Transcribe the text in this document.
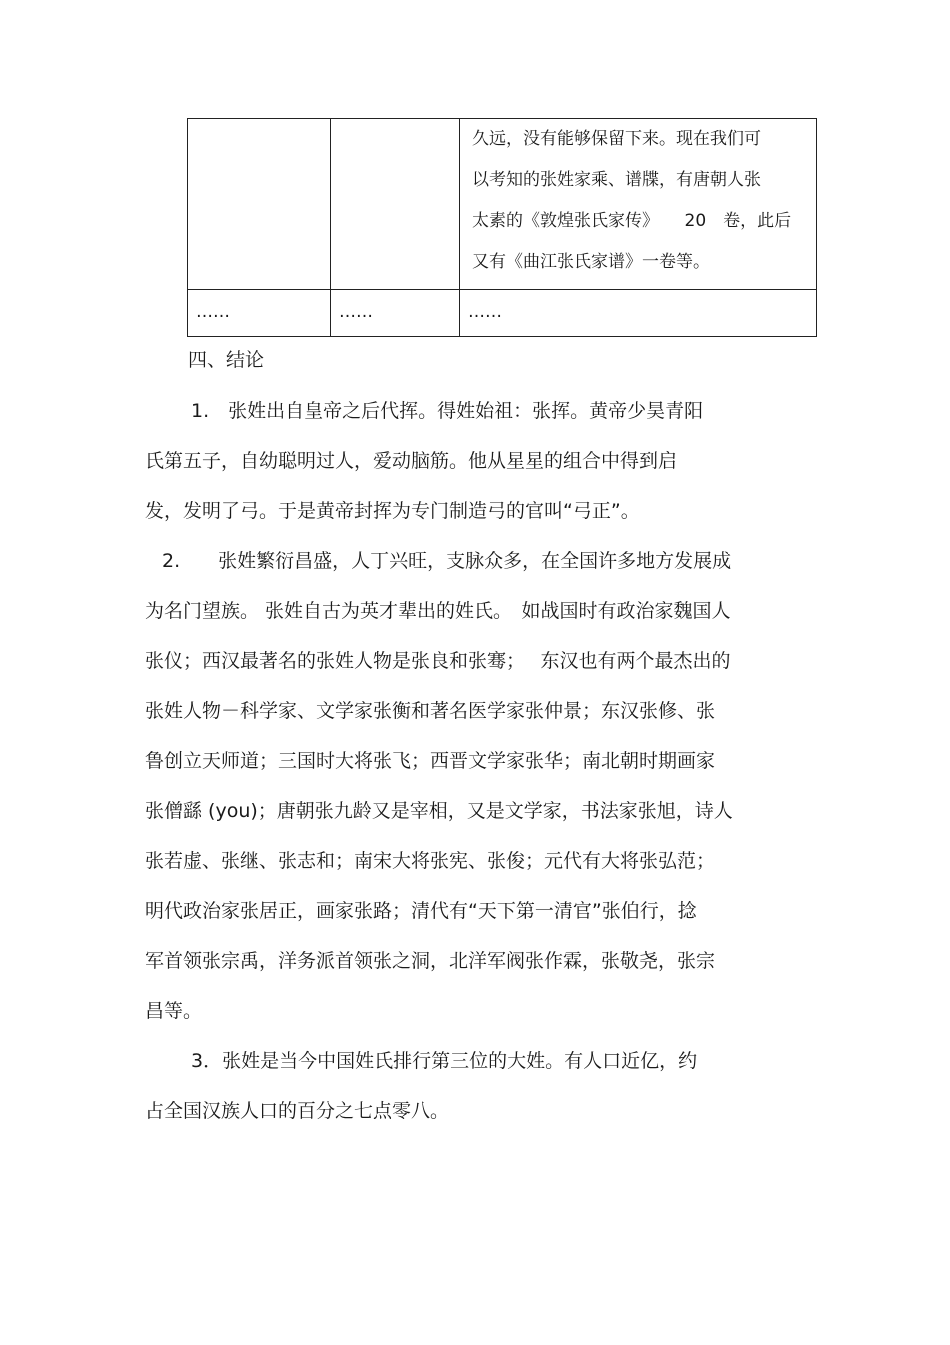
		久远，没有能够保留下来。现在我们可
以考知的张姓家乘、谱牒，有唐朝人张
太素的《敦煌张氏家传》　　20　卷，此后
又有《曲江张氏家谱》一卷等。

……	……	……
四、结论
　1.　张姓出自皇帝之后代挥。得姓始祖：张挥。黄帝少昊青阳
氏第五子，自幼聪明过人，爱动脑筋。他从星星的组合中得到启
发，发明了弓。于是黄帝封挥为专门制造弓的官叫“弓正”。
2.　　张姓繁衍昌盛，人丁兴旺，支脉众多，在全国许多地方发展成
为名门望族。 张姓自古为英才辈出的姓氏。　如战国时有政治家魏国人
张仪；西汉最著名的张姓人物是张良和张骞；　 东汉也有两个最杰出的
张姓人物－科学家、文学家张衡和著名医学家张仲景；东汉张修、张
鲁创立天师道；三国时大将张飞；西晋文学家张华；南北朝时期画家
张僧繇 (you)；唐朝张九龄又是宰相，又是文学家，书法家张旭，诗人
张若虚、张继、张志和；南宋大将张宪、张俊；元代有大将张弘范；
明代政治家张居正，画家张路；清代有“天下第一清官”张伯行，捻
军首领张宗禹，洋务派首领张之洞，北洋军阀张作霖，张敬尧，张宗
昌等。
　3．张姓是当今中国姓氏排行第三位的大姓。有人口近亿，约
占全国汉族人口的百分之七点零八。
